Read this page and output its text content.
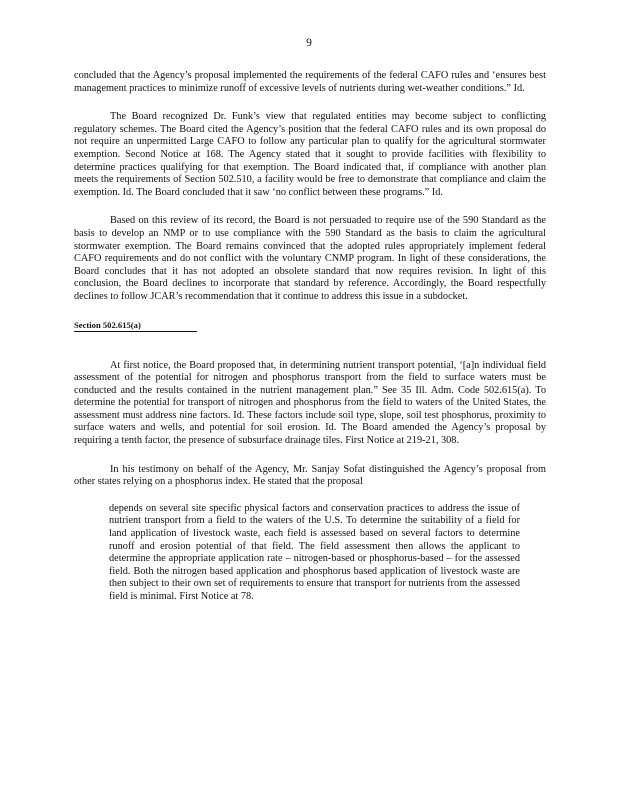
9

concluded that the Agency’s proposal implemented the requirements of the federal CAFO rules and ‘ensures best management practices to minimize runoff of excessive levels of nutrients during wet-weather conditions.” Id.

The Board recognized Dr. Funk’s view that regulated entities may become subject to conflicting regulatory schemes. The Board cited the Agency’s position that the federal CAFO rules and its own proposal do not require an unpermitted Large CAFO to follow any particular plan to qualify for the agricultural stormwater exemption. Second Notice at 168. The Agency stated that it sought to provide facilities with flexibility to determine practices qualifying for that exemption. The Board indicated that, if compliance with another plan meets the requirements of Section 502.510, a facility would be free to demonstrate that compliance and claim the exemption. Id. The Board concluded that it saw ‘no conflict between these programs.” Id.

Based on this review of its record, the Board is not persuaded to require use of the 590 Standard as the basis to develop an NMP or to use compliance with the 590 Standard as the basis to claim the agricultural stormwater exemption. The Board remains convinced that the adopted rules appropriately implement federal CAFO requirements and do not conflict with the voluntary CNMP program. In light of these considerations, the Board concludes that it has not adopted an obsolete standard that now requires revision. In light of this conclusion, the Board declines to incorporate that standard by reference. Accordingly, the Board respectfully declines to follow JCAR’s recommendation that it continue to address this issue in a subdocket.

Section 502.615(a)

At first notice, the Board proposed that, in determining nutrient transport potential, ‘[a]n individual field assessment of the potential for nitrogen and phosphorus transport from the field to surface waters must be conducted and the results contained in the nutrient management plan.” See 35 Ill. Adm. Code 502.615(a). To determine the potential for transport of nitrogen and phosphorus from the field to waters of the United States, the assessment must address nine factors. Id. These factors include soil type, slope, soil test phosphorus, proximity to surface waters and wells, and potential for soil erosion. Id. The Board amended the Agency’s proposal by requiring a tenth factor, the presence of subsurface drainage tiles. First Notice at 219-21, 308.

In his testimony on behalf of the Agency, Mr. Sanjay Sofat distinguished the Agency’s proposal from other states relying on a phosphorus index. He stated that the proposal

depends on several site specific physical factors and conservation practices to address the issue of nutrient transport from a field to the waters of the U.S. To determine the suitability of a field for land application of livestock waste, each field is assessed based on several factors to determine runoff and erosion potential of that field. The field assessment then allows the applicant to determine the appropriate application rate – nitrogen-based or phosphorus-based – for the assessed field. Both the nitrogen based application and phosphorus based application of livestock waste are then subject to their own set of requirements to ensure that transport for nutrients from the assessed field is minimal. First Notice at 78.
